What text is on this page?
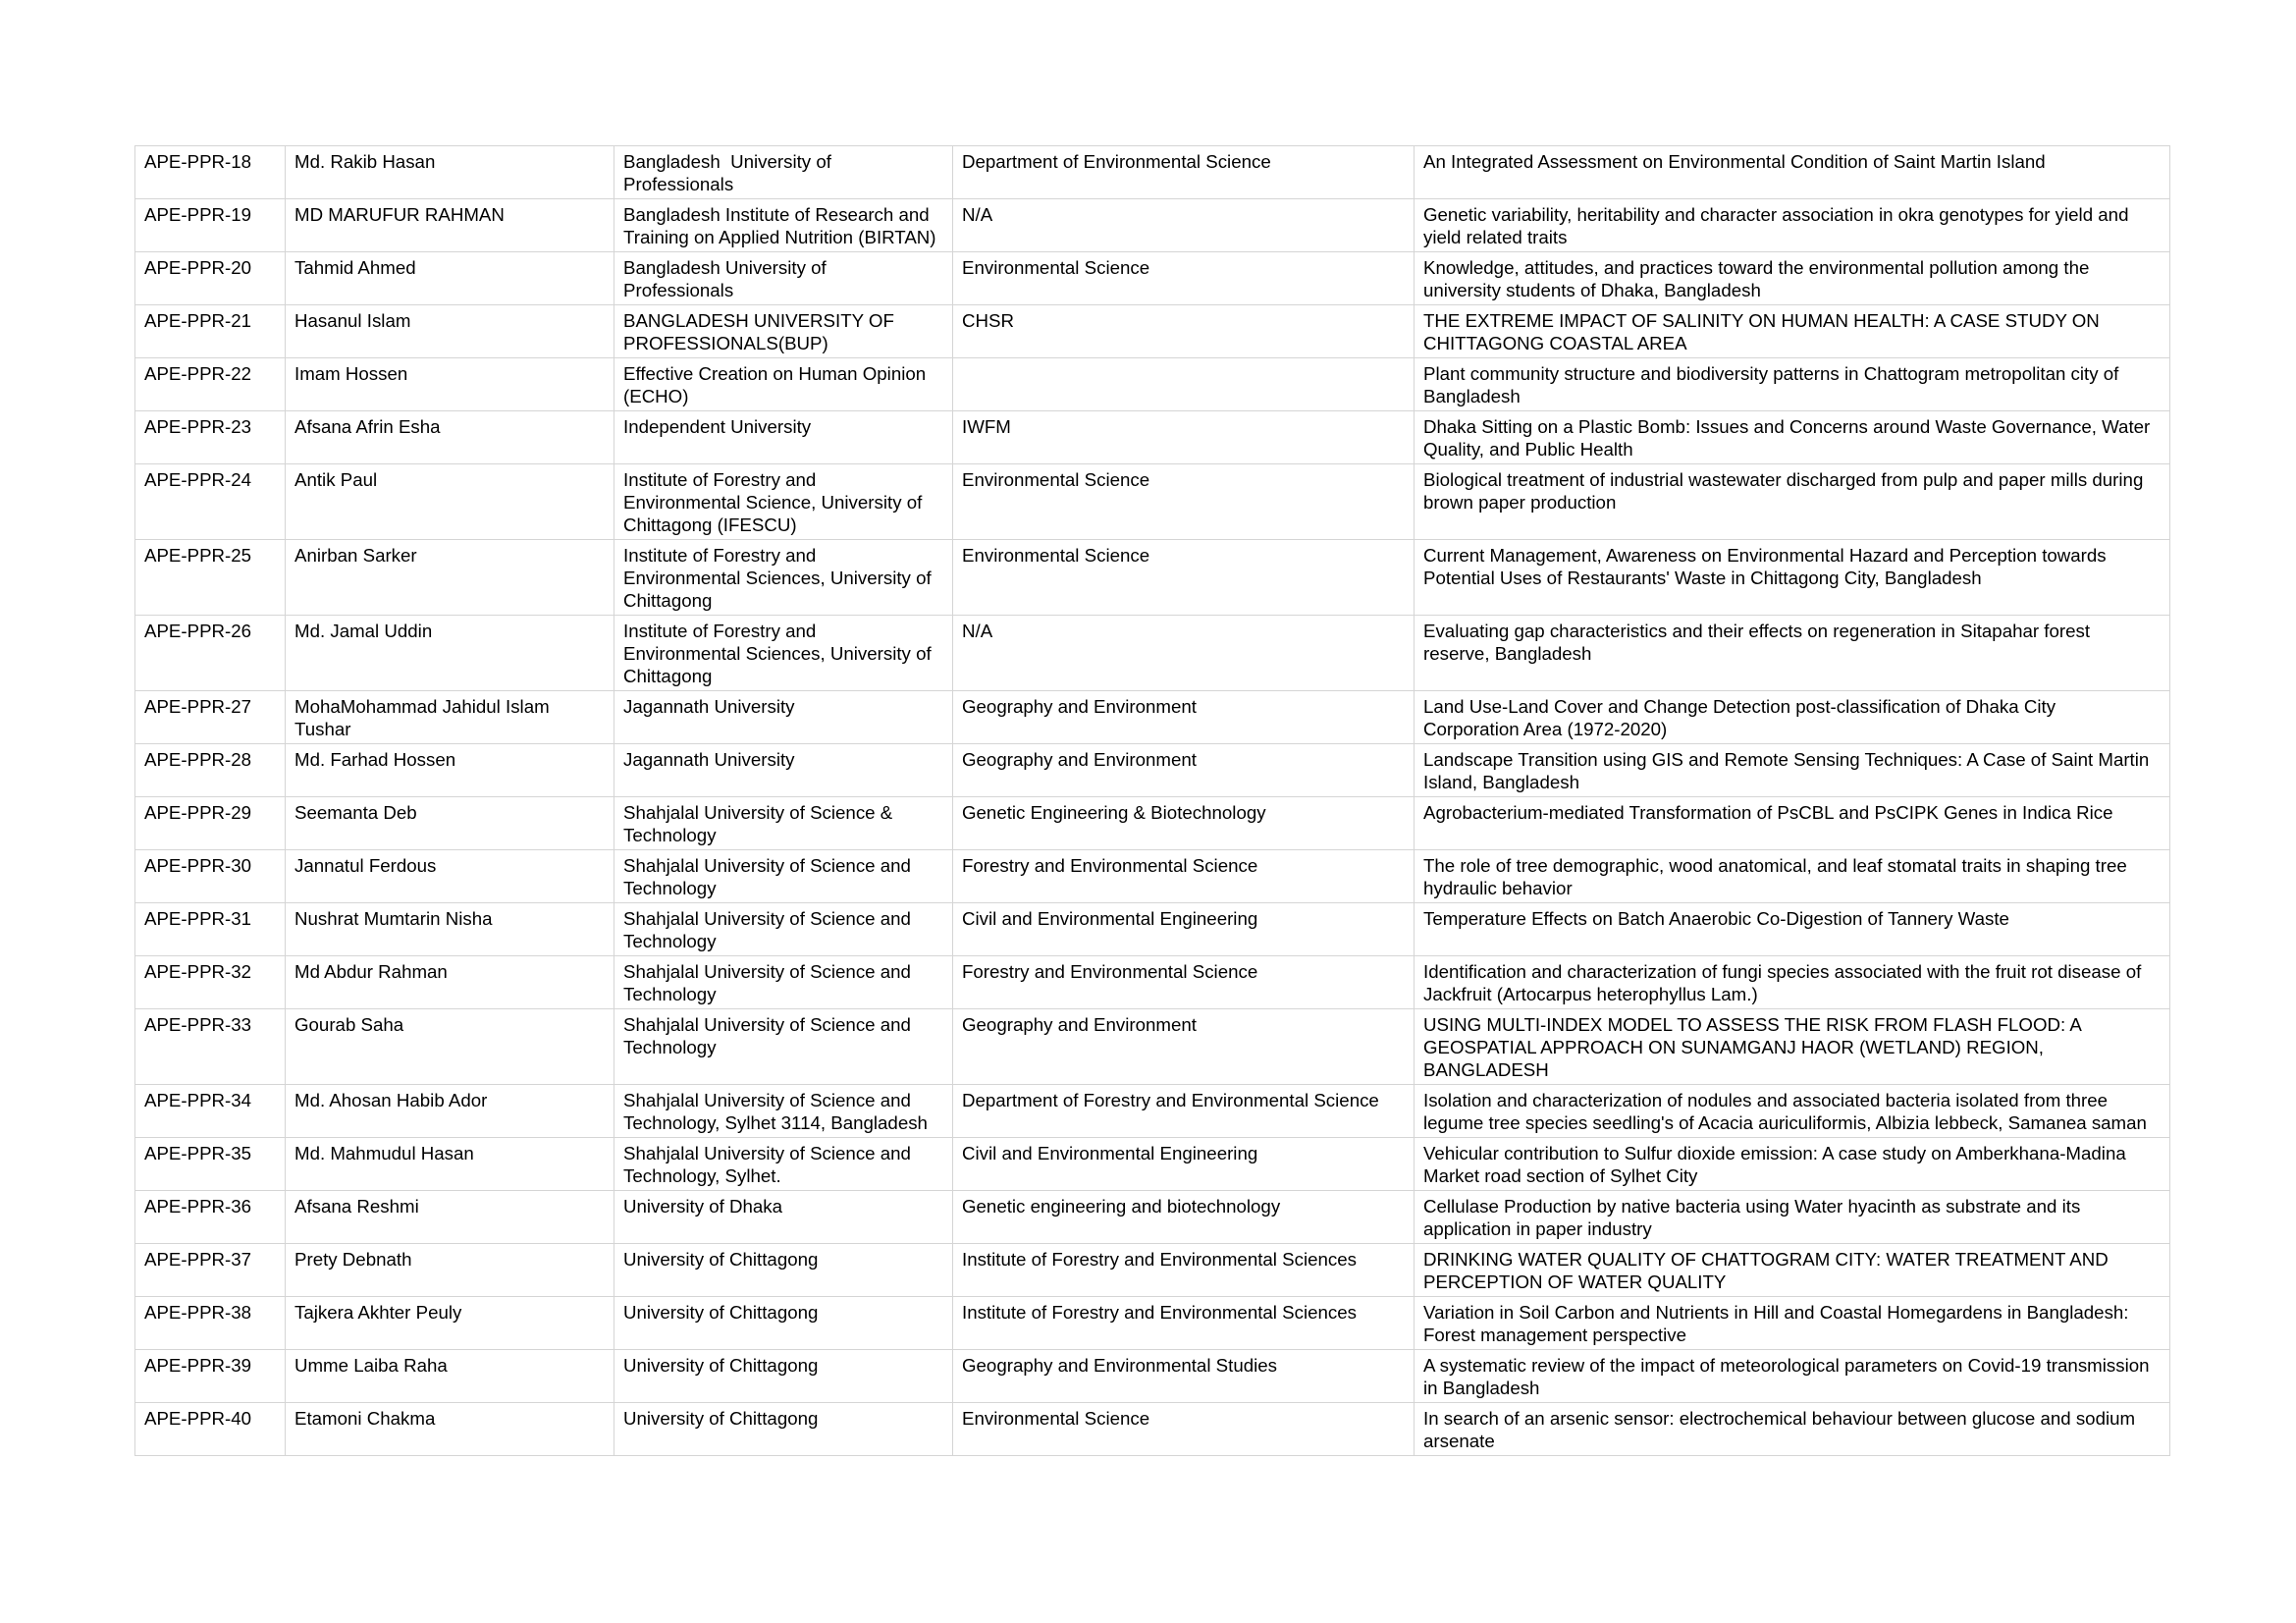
APE-PPR-18	Md. Rakib Hasan	Bangladesh  University of Professionals	Department of Environmental Science	An Integrated Assessment on Environmental Condition of Saint Martin Island
APE-PPR-19	MD MARUFUR RAHMAN	Bangladesh Institute of Research and Training on Applied Nutrition (BIRTAN)	N/A	Genetic variability, heritability and character association in okra genotypes for yield and yield related traits
APE-PPR-20	Tahmid Ahmed	Bangladesh University of Professionals	Environmental Science	Knowledge, attitudes, and practices toward the environmental pollution among the university students of Dhaka, Bangladesh
APE-PPR-21	Hasanul Islam	BANGLADESH UNIVERSITY OF PROFESSIONALS(BUP)	CHSR	THE EXTREME IMPACT OF SALINITY ON HUMAN HEALTH: A CASE STUDY ON CHITTAGONG COASTAL AREA
APE-PPR-22	Imam Hossen	Effective Creation on Human Opinion (ECHO)		Plant community structure and biodiversity patterns in Chattogram metropolitan city of Bangladesh
APE-PPR-23	Afsana Afrin Esha	Independent University	IWFM	Dhaka Sitting on a Plastic Bomb: Issues and Concerns around Waste Governance, Water Quality, and Public Health
APE-PPR-24	Antik Paul	Institute of Forestry and Environmental Science, University of Chittagong (IFESCU)	Environmental Science	Biological treatment of industrial wastewater discharged from pulp and paper mills during brown paper production
APE-PPR-25	Anirban Sarker	Institute of Forestry and Environmental Sciences, University of Chittagong	Environmental Science	Current Management, Awareness on Environmental Hazard and Perception towards Potential Uses of Restaurants' Waste in Chittagong City, Bangladesh
APE-PPR-26	Md. Jamal Uddin	Institute of Forestry and Environmental Sciences, University of Chittagong	N/A	Evaluating gap characteristics and their effects on regeneration in Sitapahar forest reserve, Bangladesh
APE-PPR-27	MohaMohammad Jahidul Islam Tushar	Jagannath University	Geography and Environment	Land Use-Land Cover and Change Detection post-classification of Dhaka City Corporation Area (1972-2020)
APE-PPR-28	Md. Farhad Hossen	Jagannath University	Geography and Environment	Landscape Transition using GIS and Remote Sensing Techniques: A Case of Saint Martin Island, Bangladesh
APE-PPR-29	Seemanta Deb	Shahjalal University of Science & Technology	Genetic Engineering & Biotechnology	Agrobacterium-mediated Transformation of PsCBL and PsCIPK Genes in Indica Rice
APE-PPR-30	Jannatul Ferdous	Shahjalal University of Science and Technology	Forestry and Environmental Science	The role of tree demographic, wood anatomical, and leaf stomatal traits in shaping tree hydraulic behavior
APE-PPR-31	Nushrat Mumtarin Nisha	Shahjalal University of Science and Technology	Civil and Environmental Engineering	Temperature Effects on Batch Anaerobic Co-Digestion of Tannery Waste
APE-PPR-32	Md Abdur Rahman	Shahjalal University of Science and Technology	Forestry and Environmental Science	Identification and characterization of fungi species associated with the fruit rot disease of Jackfruit (Artocarpus heterophyllus Lam.)
APE-PPR-33	Gourab Saha	Shahjalal University of Science and Technology	Geography and Environment	USING MULTI-INDEX MODEL TO ASSESS THE RISK FROM FLASH FLOOD: A GEOSPATIAL APPROACH ON SUNAMGANJ HAOR (WETLAND) REGION, BANGLADESH
APE-PPR-34	Md. Ahosan Habib Ador	Shahjalal University of Science and Technology, Sylhet 3114, Bangladesh	Department of Forestry and Environmental Science	Isolation and characterization of nodules and associated bacteria isolated from three legume tree species seedling's of Acacia auriculiformis, Albizia lebbeck, Samanea saman
APE-PPR-35	Md. Mahmudul Hasan	Shahjalal University of Science and Technology, Sylhet.	Civil and Environmental Engineering	Vehicular contribution to Sulfur dioxide emission: A case study on Amberkhana-Madina Market road section of Sylhet City
APE-PPR-36	Afsana Reshmi	University of Dhaka	Genetic engineering and biotechnology	Cellulase Production by native bacteria using Water hyacinth as substrate and its application in paper industry
APE-PPR-37	Prety Debnath	University of Chittagong	Institute of Forestry and Environmental Sciences	DRINKING WATER QUALITY OF CHATTOGRAM CITY: WATER TREATMENT AND PERCEPTION OF WATER QUALITY
APE-PPR-38	Tajkera Akhter Peuly	University of Chittagong	Institute of Forestry and Environmental Sciences	Variation in Soil Carbon and Nutrients in Hill and Coastal Homegardens in Bangladesh: Forest management perspective
APE-PPR-39	Umme Laiba Raha	University of Chittagong	Geography and Environmental Studies	A systematic review of the impact of meteorological parameters on Covid-19 transmission in Bangladesh
APE-PPR-40	Etamoni Chakma	University of Chittagong	Environmental Science	In search of an arsenic sensor: electrochemical behaviour between glucose and sodium arsenate
